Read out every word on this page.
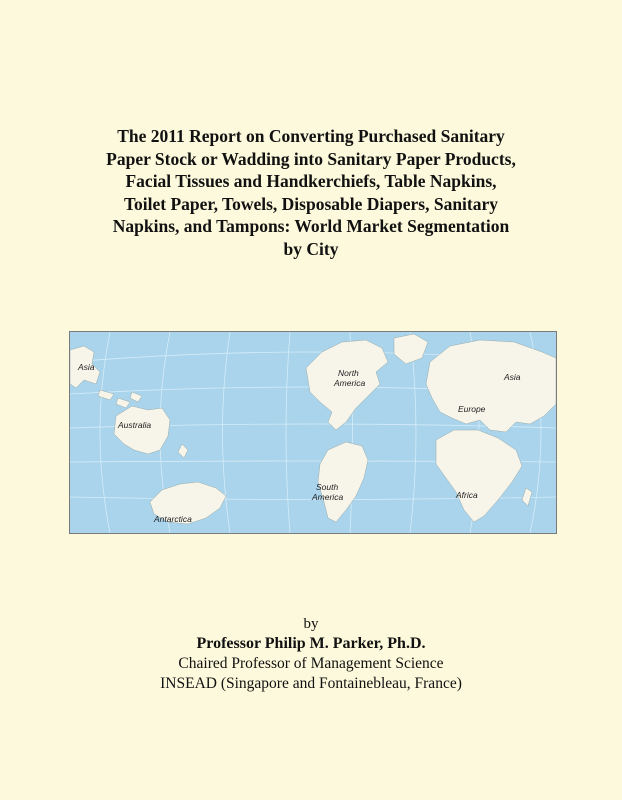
The 2011 Report on Converting Purchased Sanitary
Paper Stock or Wadding into Sanitary Paper Products,
Facial Tissues and Handkerchiefs, Table Napkins,
Toilet Paper, Towels, Disposable Diapers, Sanitary
Napkins, and Tampons: World Market Segmentation
by City
Asia
North
America
Asia
Australia
Europe
South
America	Africa
Antarctica
by
Professor Philip M. Parker, Ph.D.
Chaired Professor of Management Science
INSEAD (Singapore and Fontainebleau, France)
